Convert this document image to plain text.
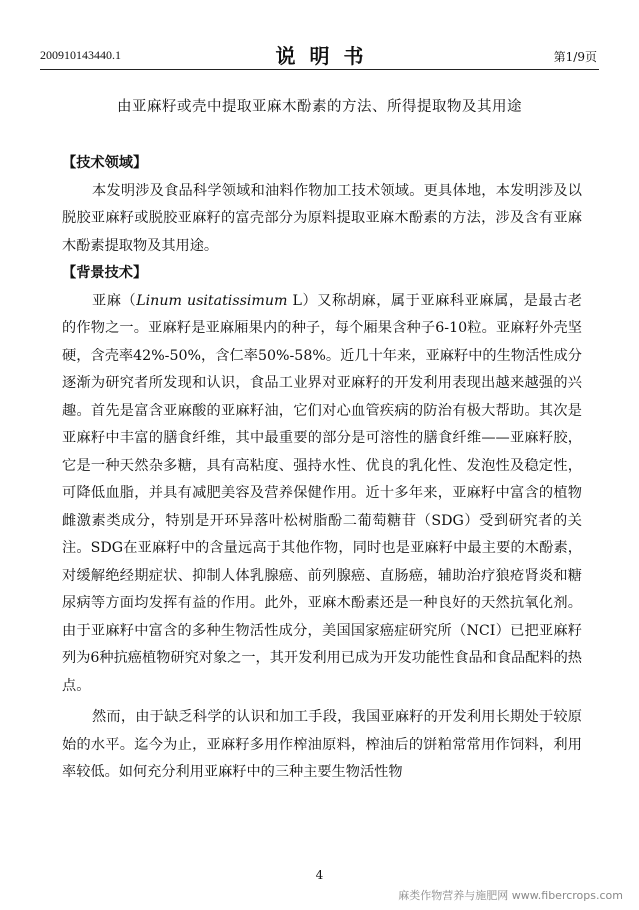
200910143440.1	说明书	第1/9页
由亚麻籽或壳中提取亚麻木酚素的方法、所得提取物及其用途

【技术领域】

本发明涉及食品科学领域和油料作物加工技术领域。更具体地，本发明涉及以脱胶亚麻籽或脱胶亚麻籽的富壳部分为原料提取亚麻木酚素的方法，涉及含有亚麻木酚素提取物及其用途。

【背景技术】

亚麻（Linum usitatissimum L）又称胡麻，属于亚麻科亚麻属，是最古老的作物之一。亚麻籽是亚麻厢果内的种子，每个厢果含种子6-10粒。亚麻籽外壳坚硬，含壳率42%-50%，含仁率50%-58%。近几十年来，亚麻籽中的生物活性成分逐渐为研究者所发现和认识，食品工业界对亚麻籽的开发利用表现出越来越强的兴趣。首先是富含亚麻酸的亚麻籽油，它们对心血管疾病的防治有极大帮助。其次是亚麻籽中丰富的膳食纤维，其中最重要的部分是可溶性的膳食纤维——亚麻籽胶，它是一种天然杂多糖，具有高粘度、强持水性、优良的乳化性、发泡性及稳定性，可降低血脂，并具有减肥美容及营养保健作用。近十多年来，亚麻籽中富含的植物雌激素类成分，特别是开环异落叶松树脂酚二葡萄糖苷（SDG）受到研究者的关注。SDG在亚麻籽中的含量远高于其他作物，同时也是亚麻籽中最主要的木酚素，对缓解绝经期症状、抑制人体乳腺癌、前列腺癌、直肠癌，辅助治疗狼疮肾炎和糖尿病等方面均发挥有益的作用。此外，亚麻木酚素还是一种良好的天然抗氧化剂。由于亚麻籽中富含的多种生物活性成分，美国国家癌症研究所（NCI）已把亚麻籽列为6种抗癌植物研究对象之一，其开发利用已成为开发功能性食品和食品配料的热点。

然而，由于缺乏科学的认识和加工手段，我国亚麻籽的开发利用长期处于较原始的水平。迄今为止，亚麻籽多用作榨油原料，榨油后的饼粕常常用作饲料，利用率较低。如何充分利用亚麻籽中的三种主要生物活性物

4
麻类作物营养与施肥网 www.fibercrops.com
